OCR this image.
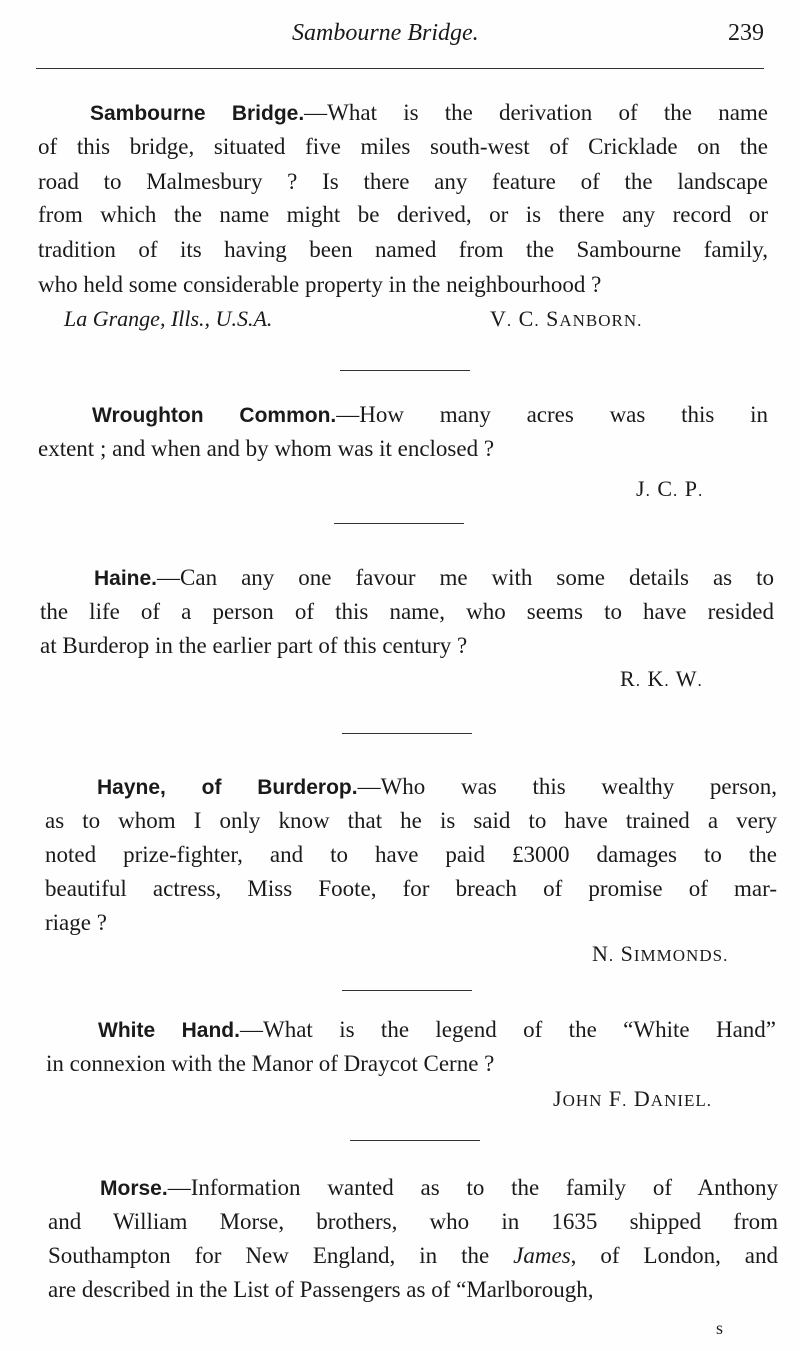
Sambourne Bridge.	239
Sambourne Bridge.—What is the derivation of the name
of this bridge, situated five miles south-west of Cricklade on the
road to Malmesbury ? Is there any feature of the landscape
from which the name might be derived, or is there any record or
tradition of its having been named from the Sambourne family,
who held some considerable property in the neighbourhood ?
La Grange, Ills., U.S.A.	V. C. SANBORN.
Wroughton Common.—How many acres was this in
extent ; and when and by whom was it enclosed ?
J. C. P.
Haine.—Can any one favour me with some details as to
the life of a person of this name, who seems to have resided
at Burderop in the earlier part of this century ?
R. K. W.
Hayne, of Burderop.—Who was this wealthy person,
as to whom I only know that he is said to have trained a very
noted prize-fighter, and to have paid £3000 damages to the
beautiful actress, Miss Foote, for breach of promise of mar-
riage ?
N. SIMMONDS.
White Hand.—What is the legend of the “White Hand”
in connexion with the Manor of Draycot Cerne ?
JOHN F. DANIEL.
Morse.—Information wanted as to the family of Anthony
and William Morse, brothers, who in 1635 shipped from
Southampton for New England, in the James, of London, and
are described in the List of Passengers as of “Marlborough,
s
